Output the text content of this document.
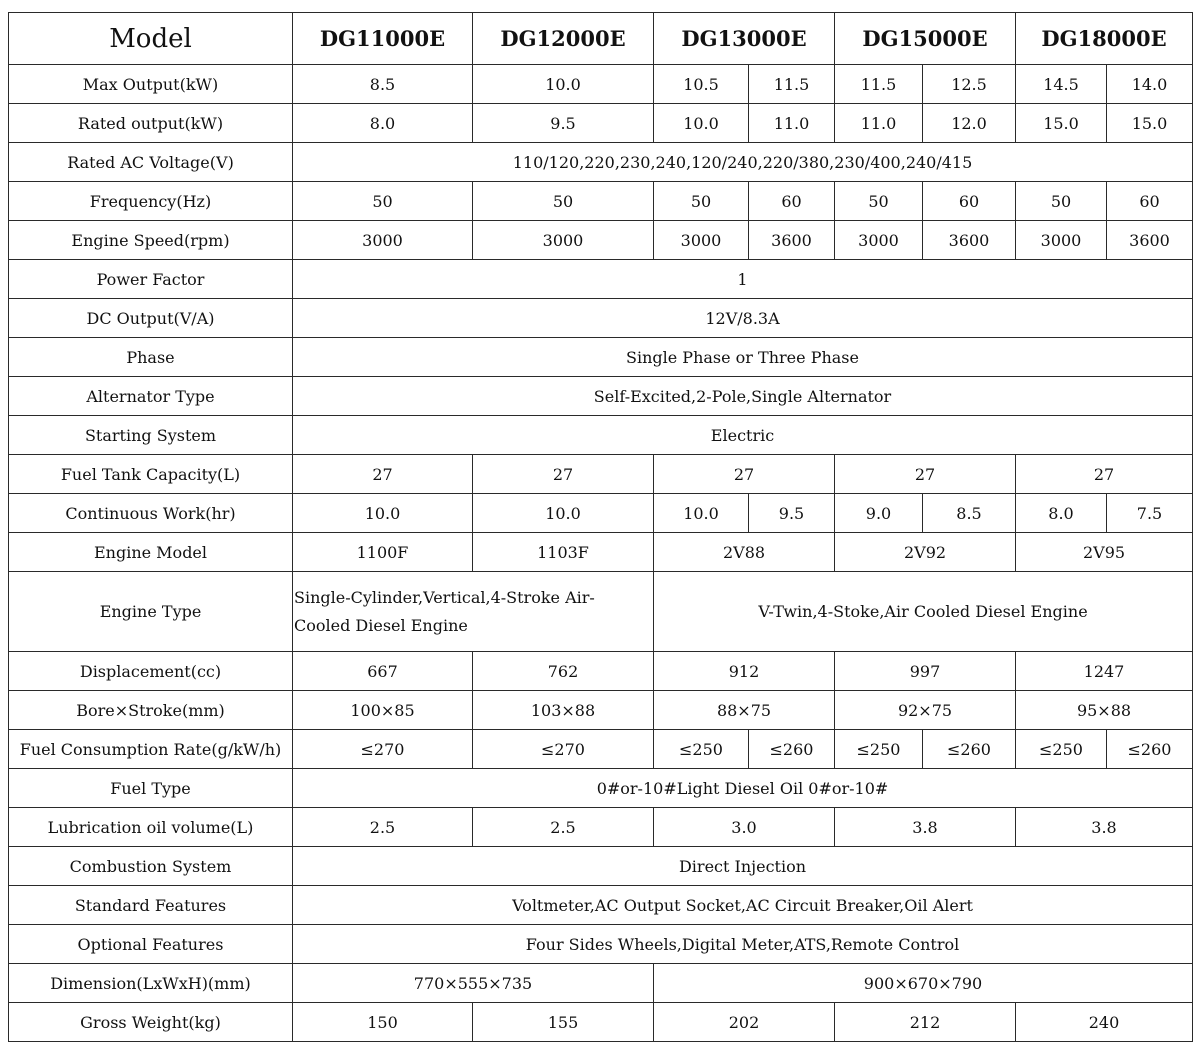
Model	DG11000E	DG12000E	DG13000E		DG15000E		DG18000E	
Max Output(kW)	8.5	10.0	10.5	11.5	11.5	12.5	14.5	14.0
Rated output(kW)	8.0	9.5	10.0	11.0	11.0	12.0	15.0	15.0
Rated AC Voltage(V)	110/120,220,230,240,120/240,220/380,230/400,240/415							
Frequency(Hz)	50	50	50	60	50	60	50	60
Engine Speed(rpm)	3000	3000	3000	3600	3000	3600	3000	3600
Power Factor	1							
DC Output(V/A)	12V/8.3A							
Phase	Single Phase or Three Phase							
Alternator Type	Self-Excited,2-Pole,Single Alternator							
Starting System	Electric							
Fuel Tank Capacity(L)	27	27	27		27		27	
Continuous Work(hr)	10.0	10.0	10.0	9.5	9.0	8.5	8.0	7.5
Engine Model	1100F	1103F	2V88		2V92		2V95	
Engine Type	Single-Cylinder,Vertical,4-Stroke Air-Cooled Diesel Engine		V-Twin,4-Stoke,Air Cooled Diesel Engine					
Displacement(cc)	667	762	912		997		1247	
Bore×Stroke(mm)	100×85	103×88	88×75		92×75		95×88	
Fuel Consumption Rate(g/kW/h)	≤270	≤270	≤250	≤260	≤250	≤260	≤250	≤260
Fuel Type	0#or-10#Light Diesel Oil 0#or-10#							
Lubrication oil volume(L)	2.5	2.5	3.0		3.8		3.8	
Combustion System	Direct Injection							
Standard Features	Voltmeter,AC Output Socket,AC Circuit Breaker,Oil Alert							
Optional Features	Four Sides Wheels,Digital Meter,ATS,Remote Control							
Dimension(LxWxH)(mm)	770×555×735		900×670×790					
Gross Weight(kg)	150	155	202		212		240	
